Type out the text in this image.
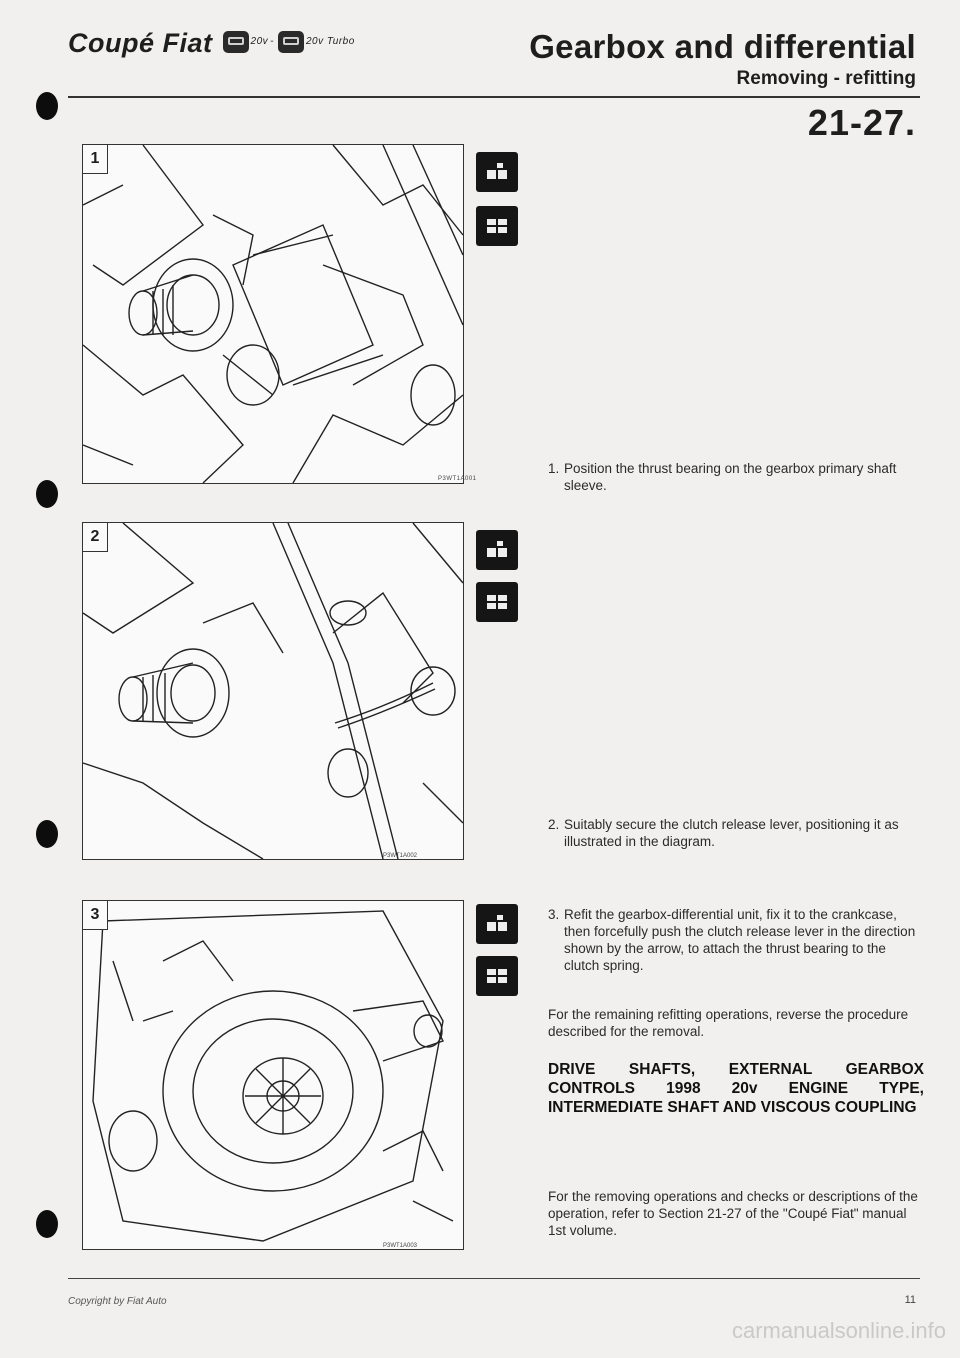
Coupé Fiat	20v -	20v Turbo	Gearbox and differential
Removing - refitting
21-27.
P3WT1A001
1
P3WT1A002
2
P3WT1A003
3
1. Position the thrust bearing on the gearbox primary shaft sleeve.
2. Suitably secure the clutch release lever, positioning it as illustrated in the diagram.
3. Refit the gearbox-differential unit, fix it to the crankcase, then forcefully push the clutch release lever in the direction shown by the arrow, to attach the thrust bearing to the clutch spring.
For the remaining refitting operations, reverse the procedure described for the removal.
DRIVE SHAFTS, EXTERNAL GEARBOX CONTROLS 1998 20v ENGINE TYPE, INTERMEDIATE SHAFT AND VISCOUS COUPLING
For the removing operations and checks or descriptions of the operation, refer to Section 21-27 of the "Coupé Fiat" manual 1st volume.
Copyright by Fiat Auto	11
carmanualsonline.info
